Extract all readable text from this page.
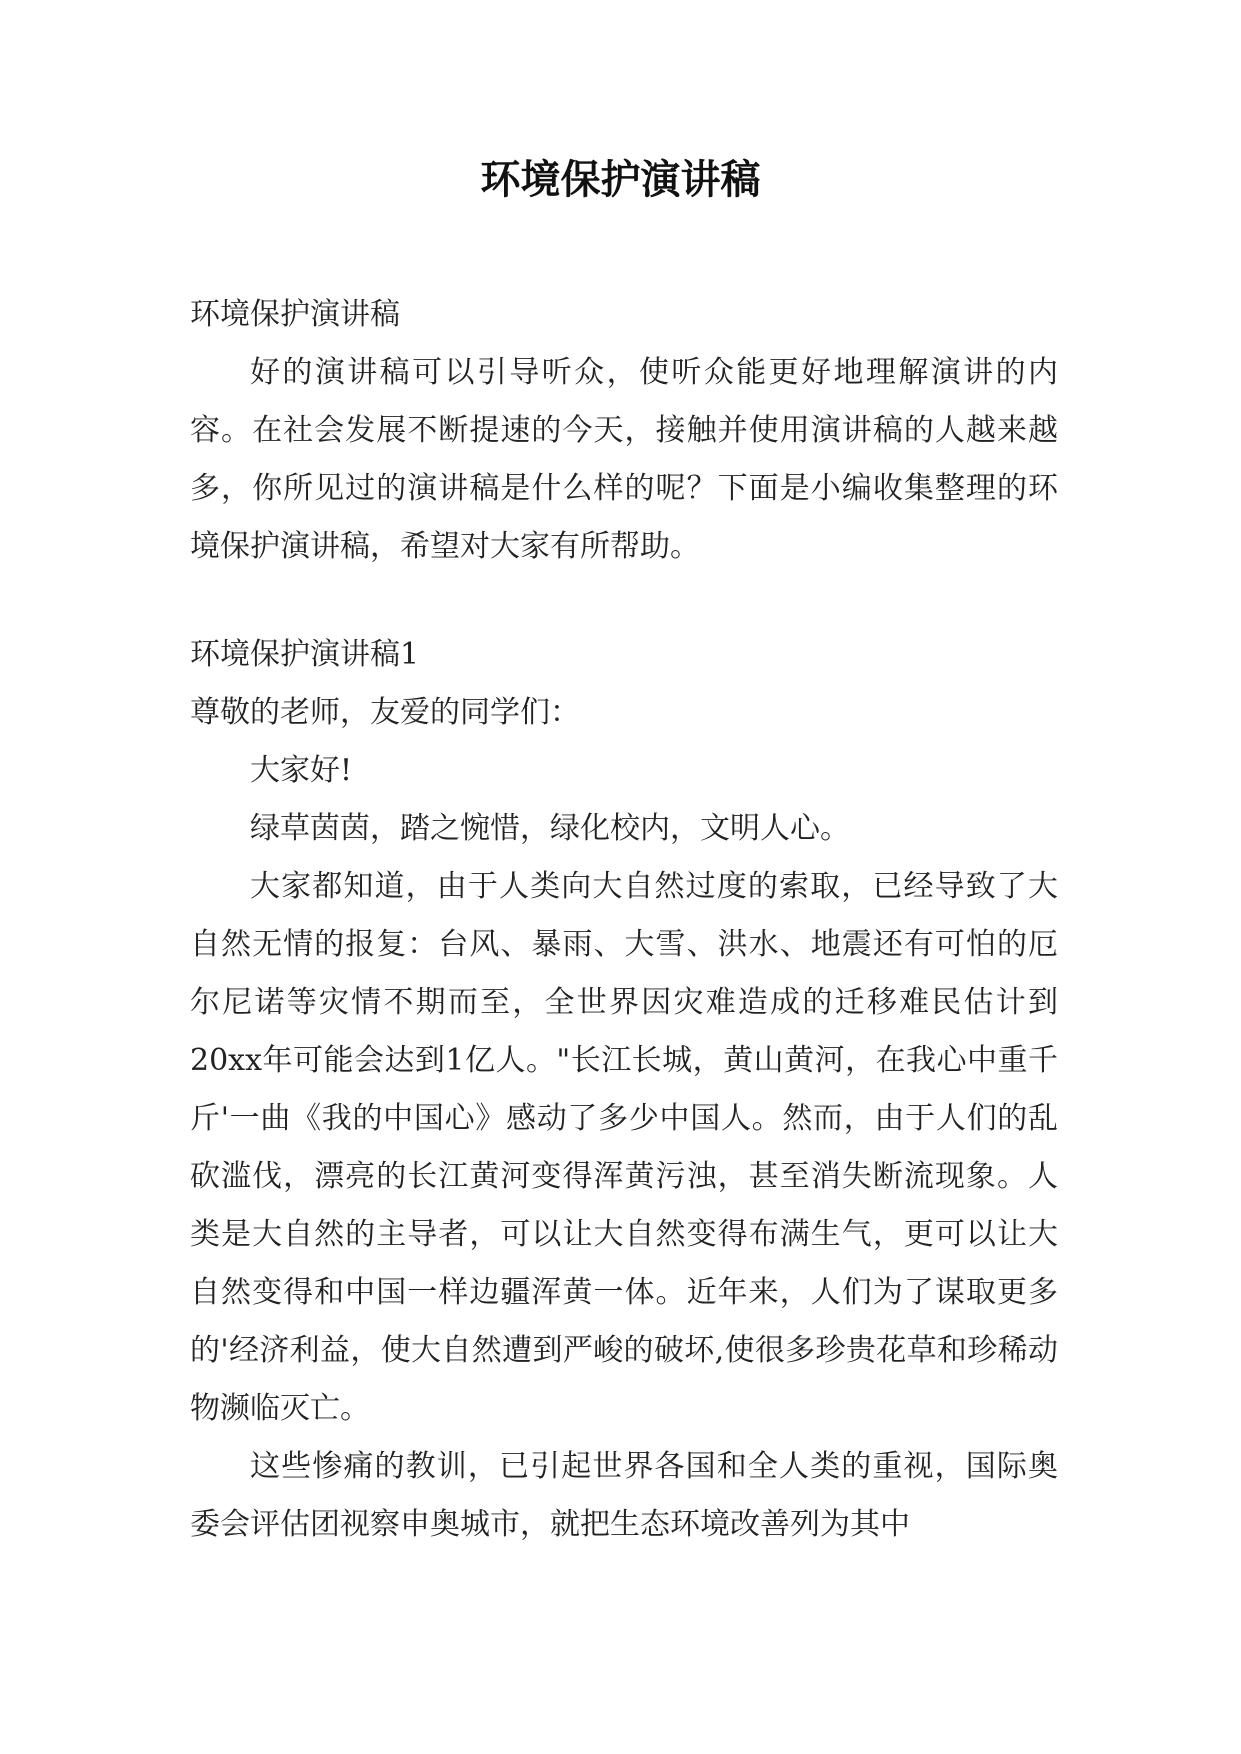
环境保护演讲稿

环境保护演讲稿

好的演讲稿可以引导听众，使听众能更好地理解演讲的内容。在社会发展不断提速的今天，接触并使用演讲稿的人越来越多，你所见过的演讲稿是什么样的呢？下面是小编收集整理的环境保护演讲稿，希望对大家有所帮助。

环境保护演讲稿1

尊敬的老师，友爱的同学们：

大家好!

绿草茵茵，踏之惋惜，绿化校内，文明人心。

大家都知道，由于人类向大自然过度的索取，已经导致了大自然无情的报复：台风、暴雨、大雪、洪水、地震还有可怕的厄尔尼诺等灾情不期而至，全世界因灾难造成的迁移难民估计到20xx年可能会达到1亿人。"长江长城，黄山黄河，在我心中重千斤'一曲《我的中国心》感动了多少中国人。然而，由于人们的乱砍滥伐，漂亮的长江黄河变得浑黄污浊，甚至消失断流现象。人类是大自然的主导者，可以让大自然变得布满生气，更可以让大自然变得和中国一样边疆浑黄一体。近年来，人们为了谋取更多的'经济利益，使大自然遭到严峻的破坏,使很多珍贵花草和珍稀动物濒临灭亡。

这些惨痛的教训，已引起世界各国和全人类的重视，国际奥委会评估团视察申奥城市，就把生态环境改善列为其中
